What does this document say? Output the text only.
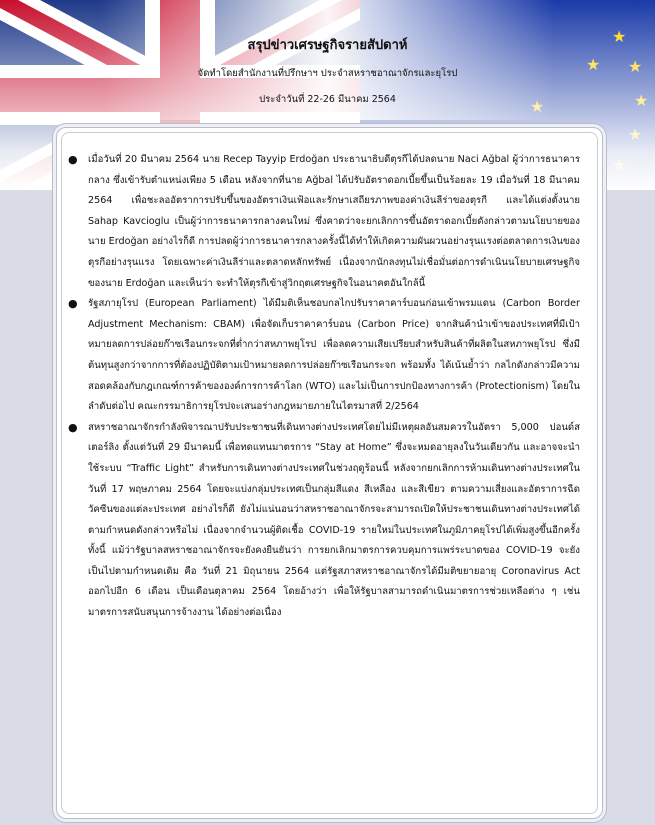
สรุปข่าวเศรษฐกิจรายสัปดาห์
จัดทำโดยสำนักงานที่ปรึกษาฯ ประจำสหราชอาณาจักรและยุโรป
ประจำวันที่ 22-26 มีนาคม 2564
● เมื่อวันที่ 20 มีนาคม 2564 นาย Recep Tayyip Erdoğan ประธานาธิบดีตุรกีได้ปลดนาย Naci Ağbal ผู้ว่าการธนาคารกลาง ซึ่งเข้ารับตำแหน่งเพียง 5 เดือน หลังจากที่นาย Ağbal ได้ปรับอัตราดอกเบี้ยขึ้นเป็นร้อยละ 19 เมื่อวันที่ 18 มีนาคม 2564 เพื่อชะลออัตราการปรับขึ้นของอัตราเงินเฟ้อและรักษาเสถียรภาพของค่าเงินลีร่าของตุรกี และได้แต่งตั้งนาย Sahap Kavcioglu เป็นผู้ว่าการธนาคารกลางคนใหม่ ซึ่งคาดว่าจะยกเลิกการขึ้นอัตราดอกเบี้ยดังกล่าวตามนโยบายของนาย Erdoğan อย่างไรก็ดี การปลดผู้ว่าการธนาคารกลางครั้งนี้ได้ทำให้เกิดความผันผวนอย่างรุนแรงต่อตลาดการเงินของตุรกีอย่างรุนแรง โดยเฉพาะค่าเงินลีร่าและตลาดหลักทรัพย์ เนื่องจากนักลงทุนไม่เชื่อมั่นต่อการดำเนินนโยบายเศรษฐกิจของนาย Erdoğan และเห็นว่า จะทำให้ตุรกีเข้าสู่วิกฤตเศรษฐกิจในอนาคตอันใกล้นี้

● รัฐสภายุโรป (European Parliament) ได้มีมติเห็นชอบกลไกปรับราคาคาร์บอนก่อนเข้าพรมแดน (Carbon Border Adjustment Mechanism: CBAM) เพื่อจัดเก็บราคาคาร์บอน (Carbon Price) จากสินค้านำเข้าของประเทศที่มีเป้าหมายลดการปล่อยก๊าซเรือนกระจกที่ต่ำกว่าสหภาพยุโรป เพื่อลดความเสียเปรียบสำหรับสินค้าที่ผลิตในสหภาพยุโรป ซึ่งมีต้นทุนสูงกว่าจากการที่ต้องปฏิบัติตามเป้าหมายลดการปล่อยก๊าซเรือนกระจก พร้อมทั้ง ได้เน้นย้ำว่า กลไกดังกล่าวมีความสอดคล้องกับกฎเกณฑ์การค้าขององค์การการค้าโลก (WTO) และไม่เป็นการปกป้องทางการค้า (Protectionism) โดยในลำดับต่อไป คณะกรรมาธิการยุโรปจะเสนอร่างกฎหมายภายในไตรมาสที่ 2/2564

● สหราชอาณาจักรกำลังพิจารณาปรับประชาชนที่เดินทางต่างประเทศโดยไม่มีเหตุผลอันสมควรในอัตรา 5,000 ปอนด์สเตอร์ลิง ตั้งแต่วันที่ 29 มีนาคมนี้ เพื่อทดแทนมาตรการ “Stay at Home” ซึ่งจะหมดอายุลงในวันเดียวกัน และอาจจะนำใช้ระบบ “Traffic Light” สำหรับการเดินทางต่างประเทศในช่วงฤดูร้อนนี้ หลังจากยกเลิกการห้ามเดินทางต่างประเทศในวันที่ 17 พฤษภาคม 2564 โดยจะแบ่งกลุ่มประเทศเป็นกลุ่มสีแดง สีเหลือง และสีเขียว ตามความเสี่ยงและอัตราการฉีดวัคซีนของแต่ละประเทศ อย่างไรก็ดี ยังไม่แน่นอนว่าสหราชอาณาจักรจะสามารถเปิดให้ประชาชนเดินทางต่างประเทศได้ตามกำหนดดังกล่าวหรือไม่ เนื่องจากจำนวนผู้ติดเชื้อ COVID-19 รายใหม่ในประเทศในภูมิภาคยุโรปได้เพิ่มสูงขึ้นอีกครั้ง ทั้งนี้ แม้ว่ารัฐบาลสหราชอาณาจักรจะยังคงยืนยันว่า การยกเลิกมาตรการควบคุมการแพร่ระบาดของ COVID-19 จะยังเป็นไปตามกำหนดเดิม คือ วันที่ 21 มิถุนายน 2564 แต่รัฐสภาสหราชอาณาจักรได้มีมติขยายอายุ Coronavirus Act ออกไปอีก 6 เดือน เป็นเดือนตุลาคม 2564 โดยอ้างว่า เพื่อให้รัฐบาลสามารถดำเนินมาตรการช่วยเหลือต่าง ๆ เช่น มาตรการสนับสนุนการจ้างงาน ได้อย่างต่อเนื่อง
